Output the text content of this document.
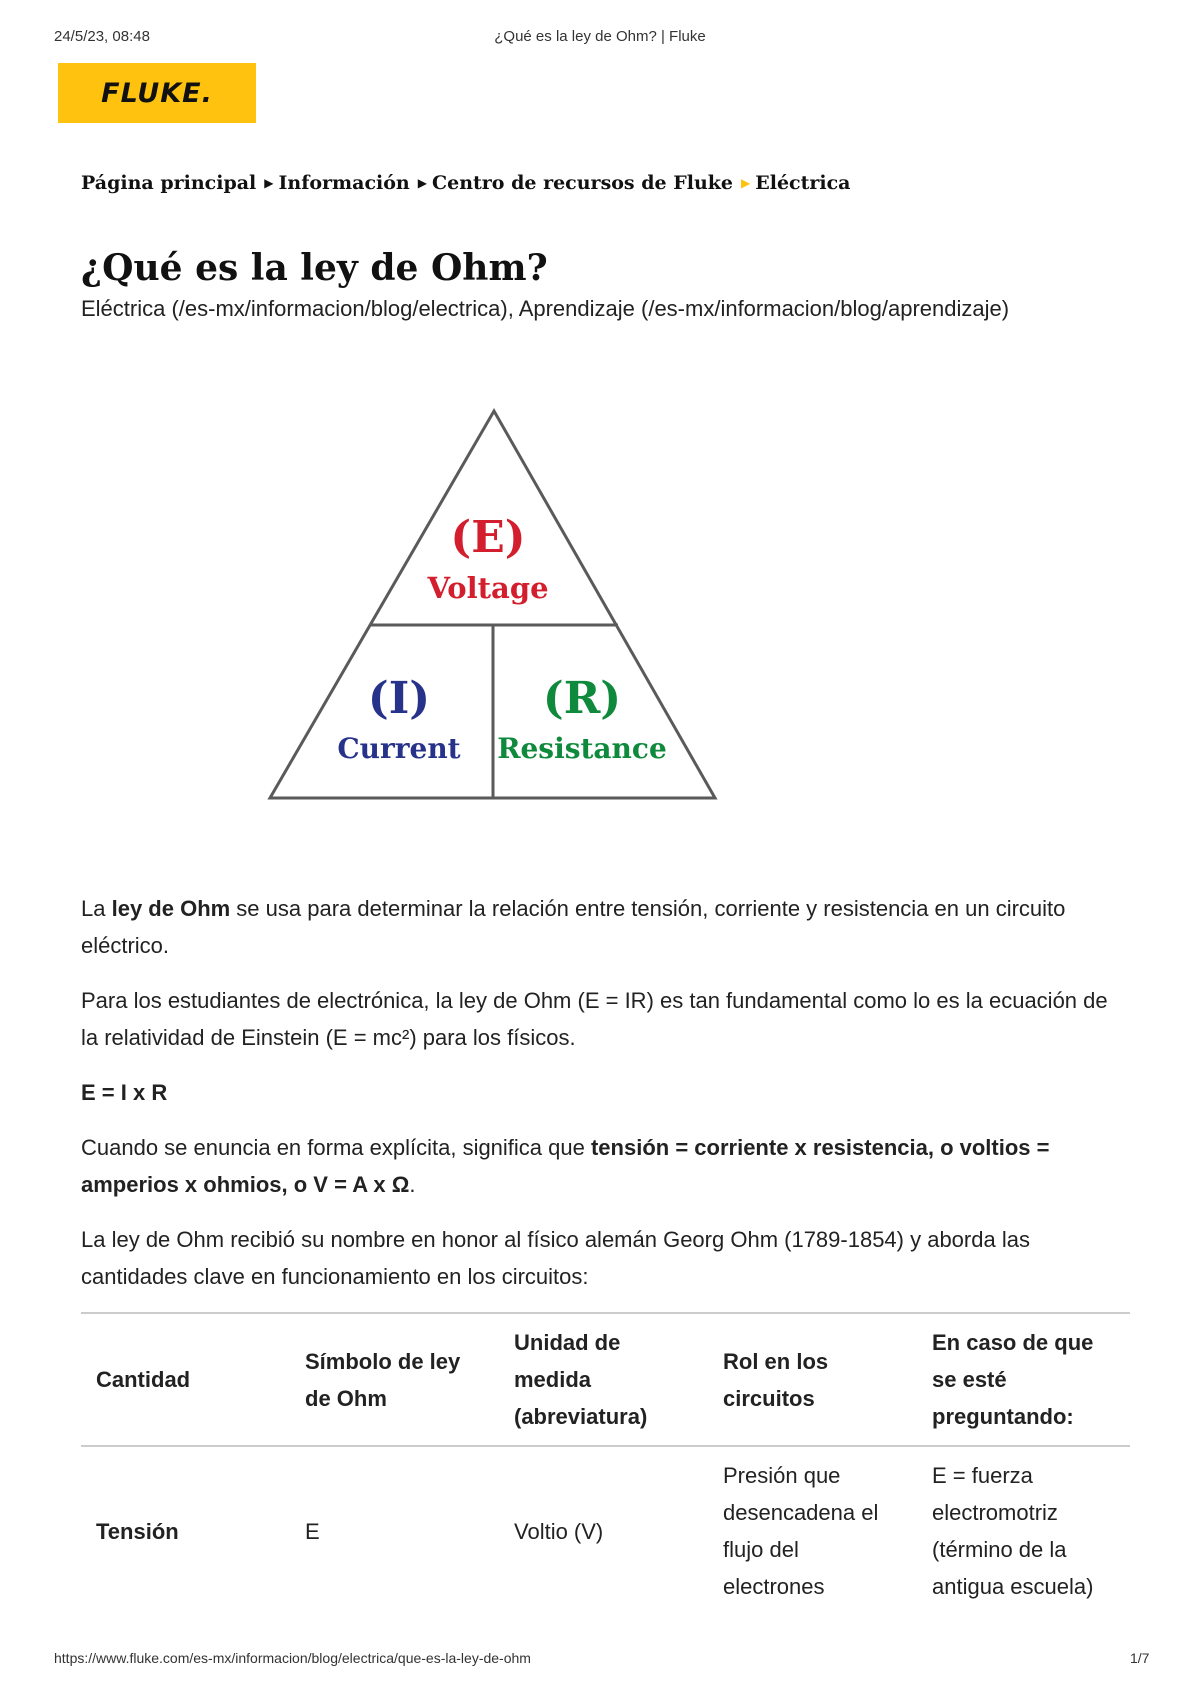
24/5/23, 08:48	¿Qué es la ley de Ohm? | Fluke
FLUKE.
Página principal ▶ Información ▶ Centro de recursos de Fluke ▶ Eléctrica
¿Qué es la ley de Ohm?
Eléctrica (/es-mx/informacion/blog/electrica), Aprendizaje (/es-mx/informacion/blog/aprendizaje)
(E)
Voltage
(I)
Current
(R)
Resistance

La ley de Ohm se usa para determinar la relación entre tensión, corriente y resistencia en un circuito eléctrico.

Para los estudiantes de electrónica, la ley de Ohm (E = IR) es tan fundamental como lo es la ecuación de la relatividad de Einstein (E = mc²) para los físicos.

E = I x R

Cuando se enuncia en forma explícita, significa que tensión = corriente x resistencia, o voltios = amperios x ohmios, o V = A x Ω.

La ley de Ohm recibió su nombre en honor al físico alemán Georg Ohm (1789-1854) y aborda las cantidades clave en funcionamiento en los circuitos:

Cantidad	Símbolo de ley de Ohm	Unidad de medida (abreviatura)	Rol en los circuitos	En caso de que se esté preguntando:
Tensión	E	Voltio (V)	Presión que desencadena el flujo del electrones	E = fuerza electromotriz (término de la antigua escuela)
https://www.fluke.com/es-mx/informacion/blog/electrica/que-es-la-ley-de-ohm	1/7
